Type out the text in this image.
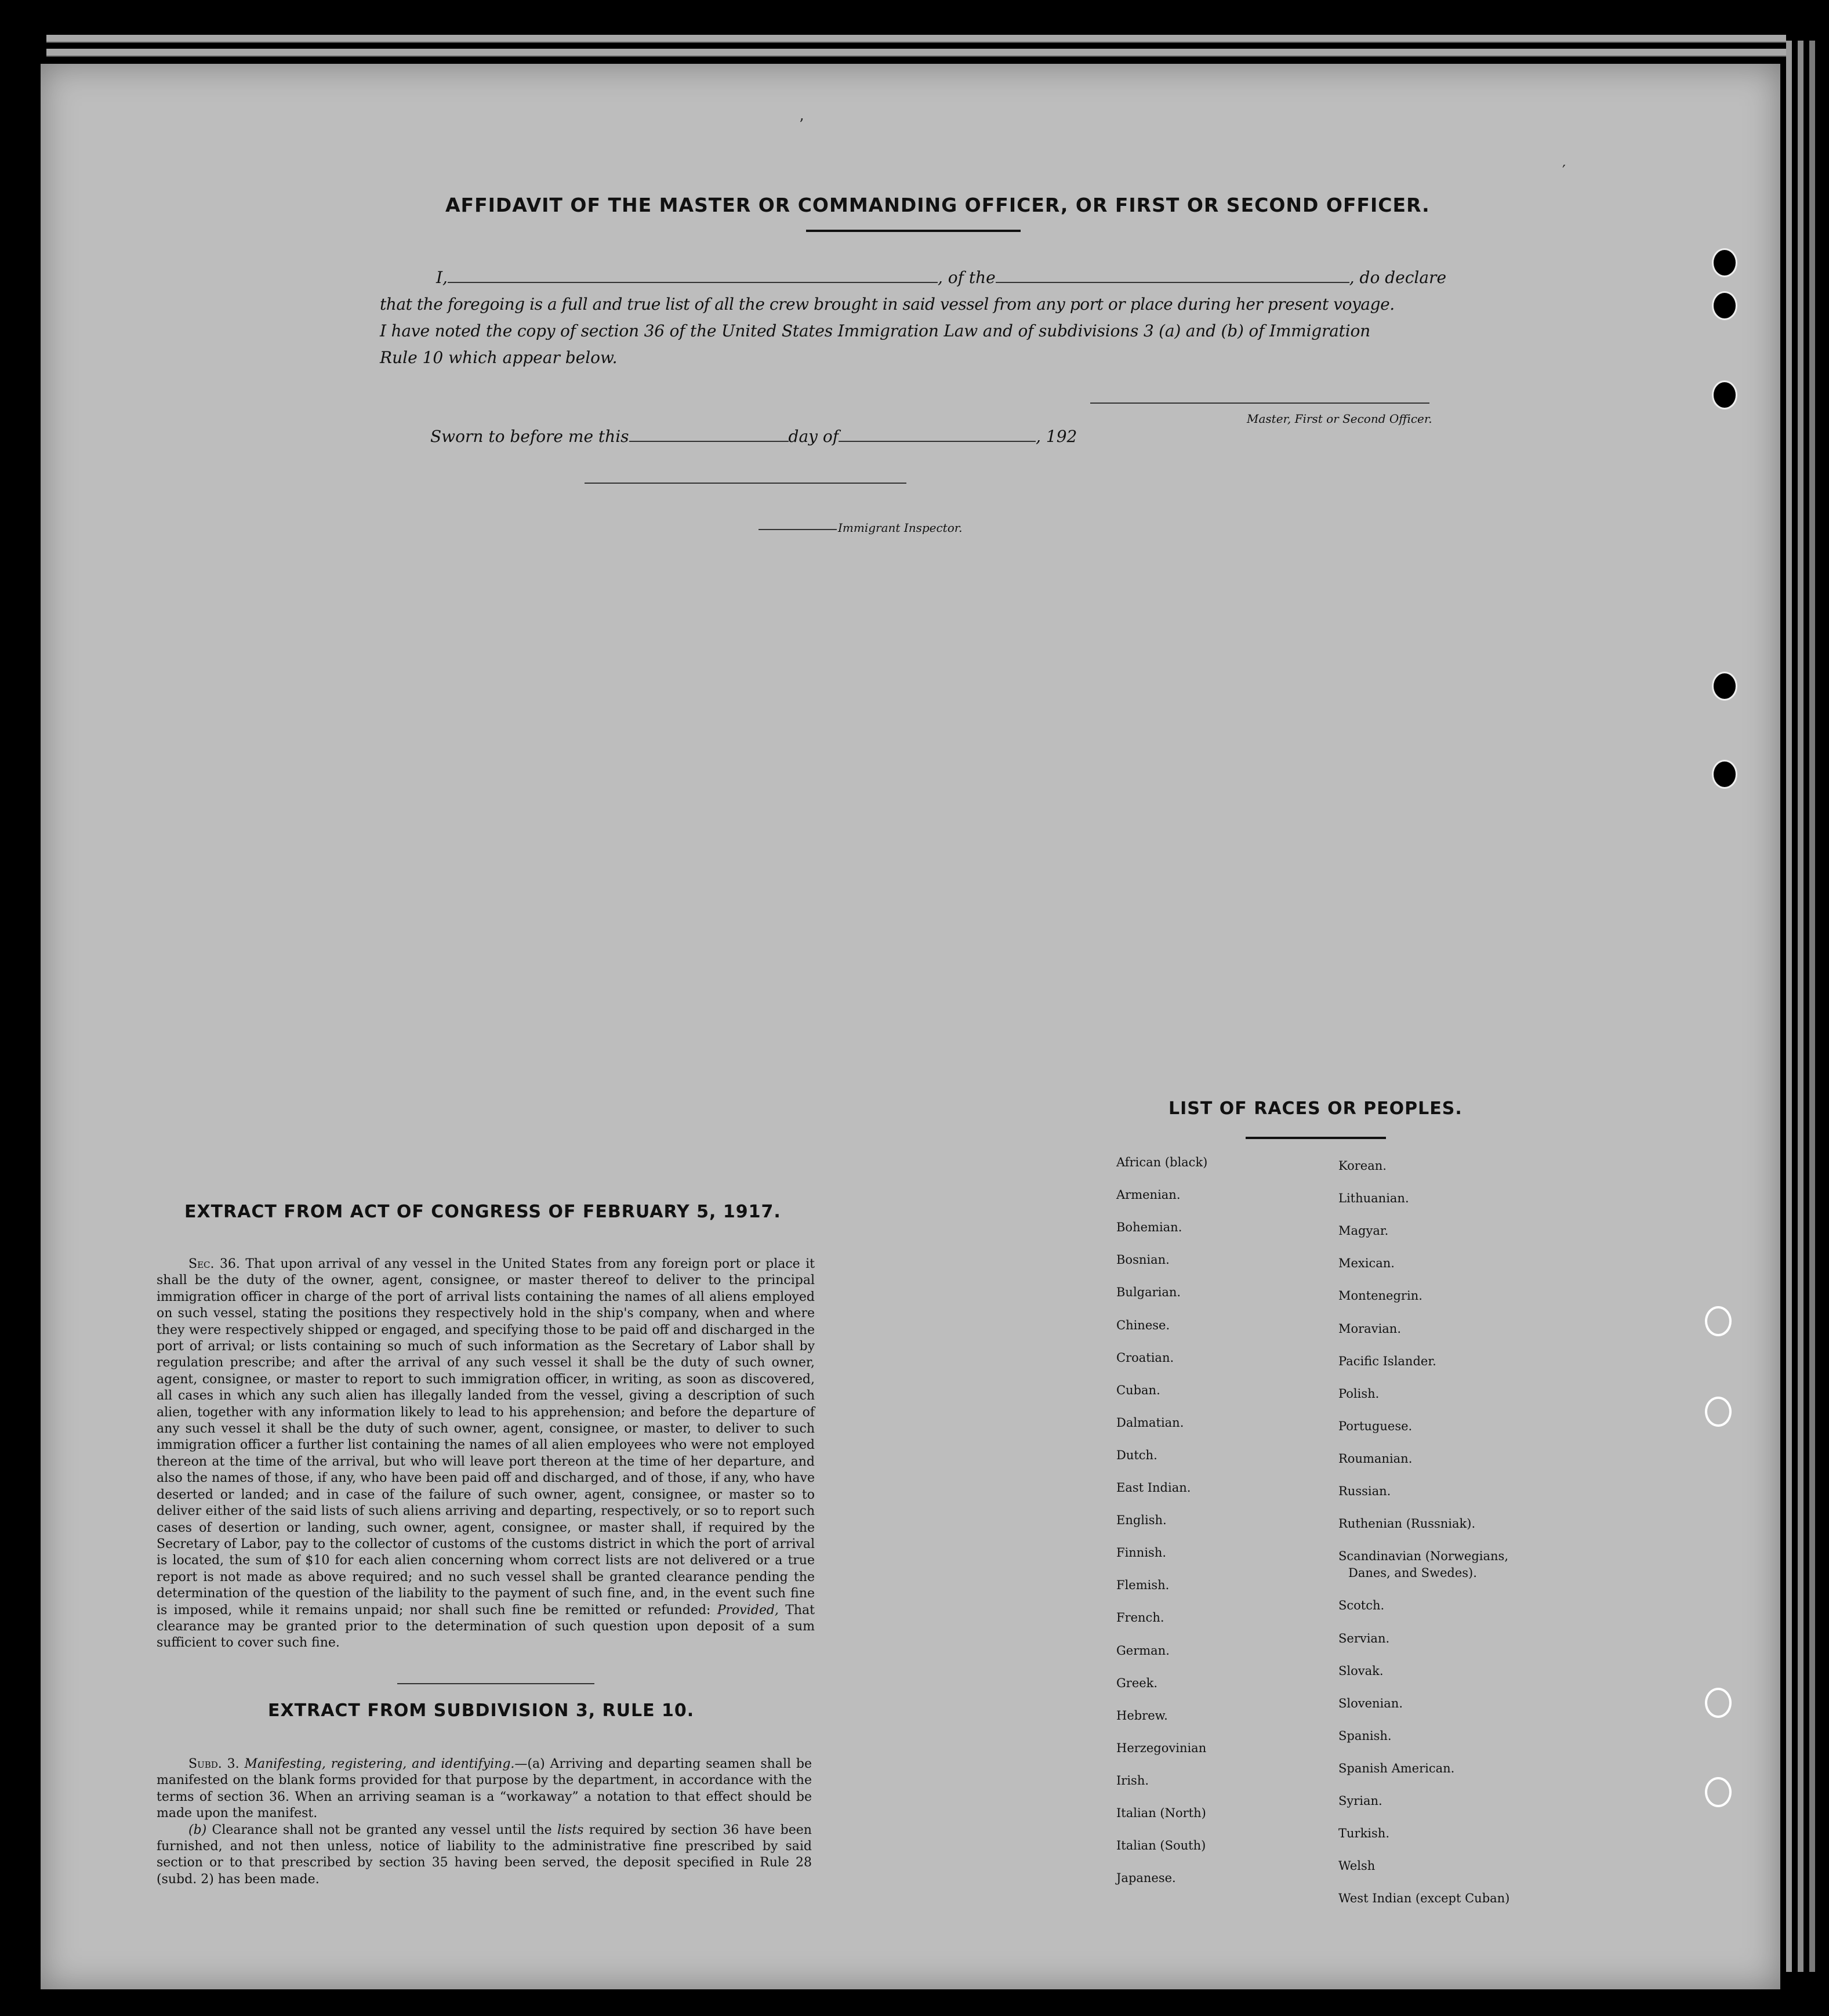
’
′
AFFIDAVIT OF THE MASTER OR COMMANDING OFFICER, OR FIRST OR SECOND OFFICER.
I,	, of the	, do declare
that the foregoing is a full and true list of all the crew brought in said vessel from any port or place during her present voyage.
I have noted the copy of section 36 of the United States Immigration Law and of subdivisions 3 (a) and (b) of Immigration
Rule 10 which appear below.
Master, First or Second Officer.
Sworn to before me this	day of	, 192
Immigrant Inspector.
EXTRACT FROM ACT OF CONGRESS OF FEBRUARY 5, 1917.

Sec. 36. That upon arrival of any vessel in the United States from any foreign port or place it shall be the duty of the owner, agent, consignee, or master thereof to deliver to the principal immigration officer in charge of the port of arrival lists containing the names of all aliens employed on such vessel, stating the positions they respectively hold in the ship's company, when and where they were respectively shipped or engaged, and specifying those to be paid off and discharged in the port of arrival; or lists containing so much of such information as the Secretary of Labor shall by regulation prescribe; and after the arrival of any such vessel it shall be the duty of such owner, agent, consignee, or master to report to such immigration officer, in writing, as soon as discovered, all cases in which any such alien has illegally landed from the vessel, giving a description of such alien, together with any information likely to lead to his apprehension; and before the departure of any such vessel it shall be the duty of such owner, agent, consignee, or master, to deliver to such immigration officer a further list containing the names of all alien employees who were not employed thereon at the time of the arrival, but who will leave port thereon at the time of her departure, and also the names of those, if any, who have been paid off and discharged, and of those, if any, who have deserted or landed; and in case of the failure of such owner, agent, consignee, or master so to deliver either of the said lists of such aliens arriving and departing, respectively, or so to report such cases of desertion or landing, such owner, agent, consignee, or master shall, if required by the Secretary of Labor, pay to the collector of customs of the customs district in which the port of arrival is located, the sum of $10 for each alien concerning whom correct lists are not delivered or a true report is not made as above required; and no such vessel shall be granted clearance pending the determination of the question of the liability to the payment of such fine, and, in the event such fine is imposed, while it remains unpaid; nor shall such fine be remitted or refunded: Provided, That clearance may be granted prior to the determination of such question upon deposit of a sum sufficient to cover such fine.

EXTRACT FROM SUBDIVISION 3, RULE 10.

Subd. 3. Manifesting, registering, and identifying.—(a) Arriving and departing seamen shall be manifested on the blank forms provided for that purpose by the department, in accordance with the terms of section 36. When an arriving seaman is a “workaway” a notation to that effect should be made upon the manifest.

(b) Clearance shall not be granted any vessel until the lists required by section 36 have been furnished, and not then unless, notice of liability to the administrative fine prescribed by said section or to that prescribed by section 35 having been served, the deposit specified in Rule 28 (subd. 2) has been made.

LIST OF RACES OR PEOPLES.
African (black)
Armenian.
Bohemian.
Bosnian.
Bulgarian.
Chinese.
Croatian.
Cuban.
Dalmatian.
Dutch.
East Indian.
English.
Finnish.
Flemish.
French.
German.
Greek.
Hebrew.
Herzegovinian
Irish.
Italian (North)
Italian (South)
Japanese.
Korean.
Lithuanian.
Magyar.
Mexican.
Montenegrin.
Moravian.
Pacific Islander.
Polish.
Portuguese.
Roumanian.
Russian.
Ruthenian (Russniak).
Scandinavian (Norwegians,
Danes, and Swedes).
Scotch.
Servian.
Slovak.
Slovenian.
Spanish.
Spanish American.
Syrian.
Turkish.
Welsh
West Indian (except Cuban)
